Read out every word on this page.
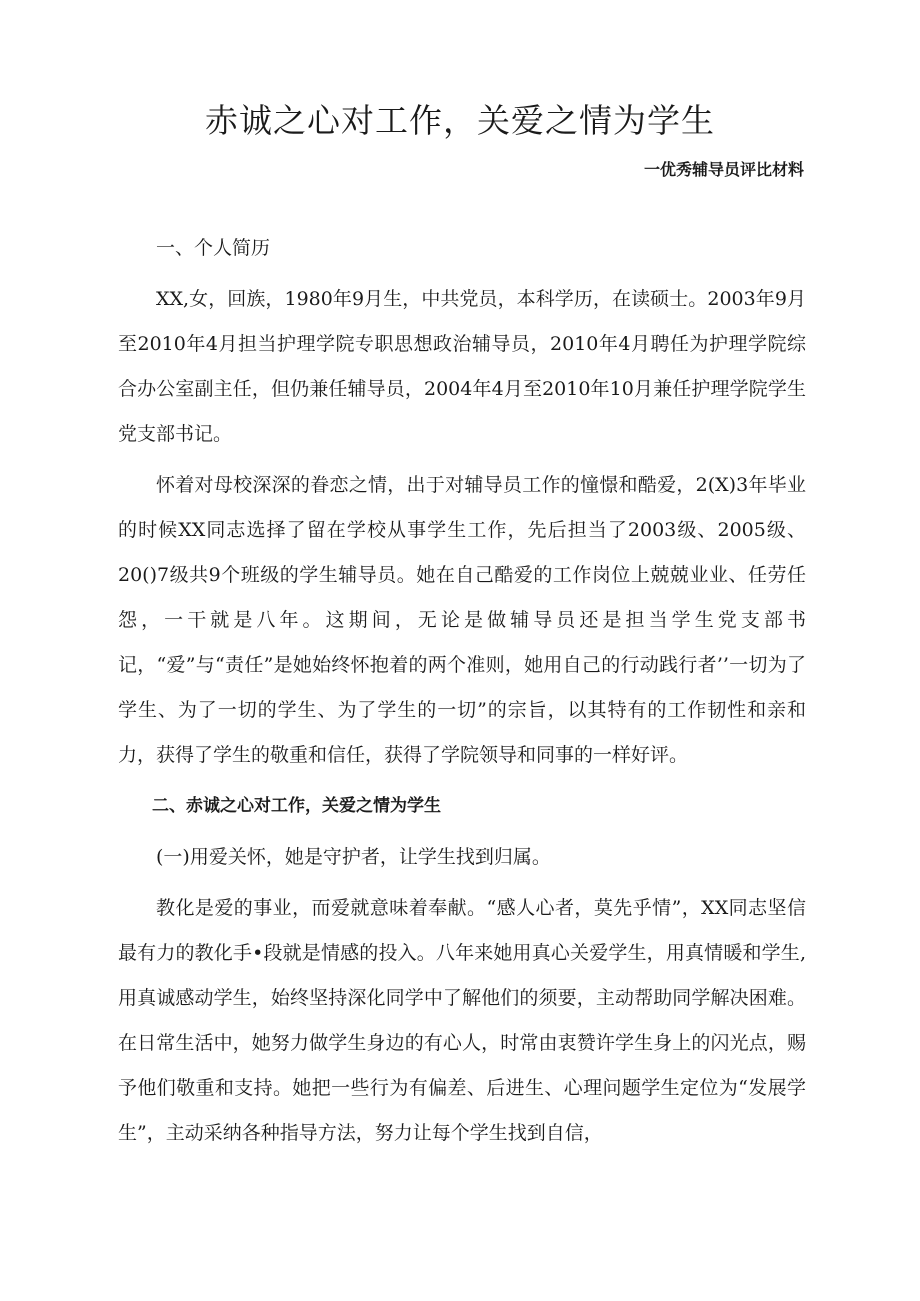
赤诚之心对工作，关爱之情为学生

一优秀辅导员评比材料

一、个人简历

XX,女，回族，1980年9月生，中共党员，本科学历，在读硕士。2003年9月至2010年4月担当护理学院专职思想政治辅导员，2010年4月聘任为护理学院综合办公室副主任，但仍兼任辅导员，2004年4月至2010年10月兼任护理学院学生党支部书记。

怀着对母校深深的眷恋之情，出于对辅导员工作的憧憬和酷爱，2(X)3年毕业的时候XX同志选择了留在学校从事学生工作，先后担当了2003级、2005级、20()7级共9个班级的学生辅导员。她在自己酷爱的工作岗位上兢兢业业、任劳任怨，一干就是八年。这期间，无论是做辅导员还是担当学生党支部书记，“爱”与“责任”是她始终怀抱着的两个准则，她用自己的行动践行者’’一切为了学生、为了一切的学生、为了学生的一切”的宗旨，以其特有的工作韧性和亲和力，获得了学生的敬重和信任，获得了学院领导和同事的一样好评。

二、赤诚之心对工作，关爱之情为学生

(一)用爱关怀，她是守护者，让学生找到归属。

教化是爱的事业，而爱就意味着奉献。“感人心者，莫先乎情”，XX同志坚信最有力的教化手•段就是情感的投入。八年来她用真心关爱学生，用真情暖和学生,用真诚感动学生，始终坚持深化同学中了解他们的须要，主动帮助同学解决困难。在日常生活中，她努力做学生身边的有心人，时常由衷赞许学生身上的闪光点，赐予他们敬重和支持。她把一些行为有偏差、后进生、心理问题学生定位为“发展学生”，主动采纳各种指导方法，努力让每个学生找到自信，
